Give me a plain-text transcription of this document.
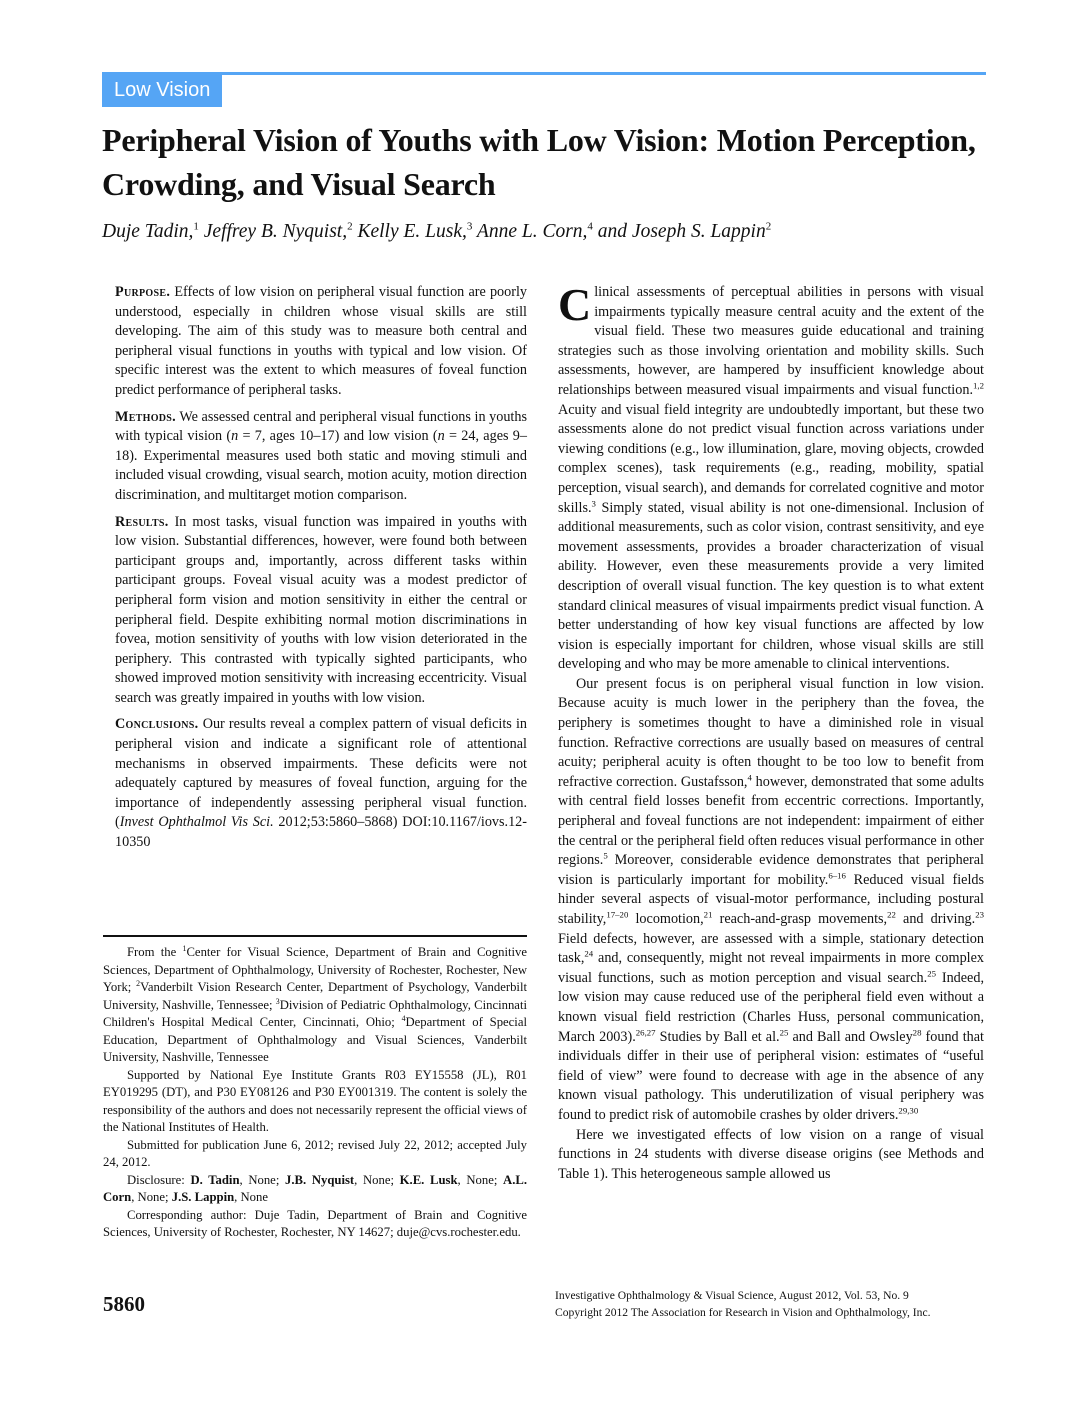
Low Vision
Peripheral Vision of Youths with Low Vision: Motion Perception, Crowding, and Visual Search
Duje Tadin,$^1$ Jeffrey B. Nyquist,$^2$ Kelly E. Lusk,$^3$ Anne L. Corn,$^4$ and Joseph S. Lappin$^2$

Purpose. Effects of low vision on peripheral visual function are poorly understood, especially in children whose visual skills are still developing. The aim of this study was to measure both central and peripheral visual functions in youths with typical and low vision. Of specific interest was the extent to which measures of foveal function predict performance of peripheral tasks.

Methods. We assessed central and peripheral visual functions in youths with typical vision (n = 7, ages 10–17) and low vision (n = 24, ages 9–18). Experimental measures used both static and moving stimuli and included visual crowding, visual search, motion acuity, motion direction discrimination, and multitarget motion comparison.

Results. In most tasks, visual function was impaired in youths with low vision. Substantial differences, however, were found both between participant groups and, importantly, across different tasks within participant groups. Foveal visual acuity was a modest predictor of peripheral form vision and motion sensitivity in either the central or peripheral field. Despite exhibiting normal motion discriminations in fovea, motion sensitivity of youths with low vision deteriorated in the periphery. This contrasted with typically sighted participants, who showed improved motion sensitivity with increasing eccentricity. Visual search was greatly impaired in youths with low vision.

Conclusions. Our results reveal a complex pattern of visual deficits in peripheral vision and indicate a significant role of attentional mechanisms in observed impairments. These deficits were not adequately captured by measures of foveal function, arguing for the importance of independently assessing peripheral visual function. (Invest Ophthalmol Vis Sci. 2012;53:5860–5868) DOI:10.1167/iovs.12-10350

From the $^1$Center for Visual Science, Department of Brain and Cognitive Sciences, Department of Ophthalmology, University of Rochester, Rochester, New York; $^2$Vanderbilt Vision Research Center, Department of Psychology, Vanderbilt University, Nashville, Tennessee; $^3$Division of Pediatric Ophthalmology, Cincinnati Children's Hospital Medical Center, Cincinnati, Ohio; $^4$Department of Special Education, Department of Ophthalmology and Visual Sciences, Vanderbilt University, Nashville, Tennessee

Supported by National Eye Institute Grants R03 EY15558 (JL), R01 EY019295 (DT), and P30 EY08126 and P30 EY001319. The content is solely the responsibility of the authors and does not necessarily represent the official views of the National Institutes of Health.

Submitted for publication June 6, 2012; revised July 22, 2012; accepted July 24, 2012.

Disclosure: D. Tadin, None; J.B. Nyquist, None; K.E. Lusk, None; A.L. Corn, None; J.S. Lappin, None

Corresponding author: Duje Tadin, Department of Brain and Cognitive Sciences, University of Rochester, Rochester, NY 14627; duje@cvs.rochester.edu.

Clinical assessments of perceptual abilities in persons with visual impairments typically measure central acuity and the extent of the visual field. These two measures guide educational and training strategies such as those involving orientation and mobility skills. Such assessments, however, are hampered by insufficient knowledge about relationships between measured visual impairments and visual function.$^{1,2}$ Acuity and visual field integrity are undoubtedly important, but these two assessments alone do not predict visual function across variations under viewing conditions (e.g., low illumination, glare, moving objects, crowded complex scenes), task requirements (e.g., reading, mobility, spatial perception, visual search), and demands for correlated cognitive and motor skills.$^3$ Simply stated, visual ability is not one-dimensional. Inclusion of additional measurements, such as color vision, contrast sensitivity, and eye movement assessments, provides a broader characterization of visual ability. However, even these measurements provide a very limited description of overall visual function. The key question is to what extent standard clinical measures of visual impairments predict visual function. A better understanding of how key visual functions are affected by low vision is especially important for children, whose visual skills are still developing and who may be more amenable to clinical interventions.

Our present focus is on peripheral visual function in low vision. Because acuity is much lower in the periphery than the fovea, the periphery is sometimes thought to have a diminished role in visual function. Refractive corrections are usually based on measures of central acuity; peripheral acuity is often thought to be too low to benefit from refractive correction. Gustafsson,$^4$ however, demonstrated that some adults with central field losses benefit from eccentric corrections. Importantly, peripheral and foveal functions are not independent: impairment of either the central or the peripheral field often reduces visual performance in other regions.$^5$ Moreover, considerable evidence demonstrates that peripheral vision is particularly important for mobility.$^{6-16}$ Reduced visual fields hinder several aspects of visual-motor performance, including postural stability,$^{17-20}$ locomotion,$^{21}$ reach-and-grasp movements,$^{22}$ and driving.$^{23}$ Field defects, however, are assessed with a simple, stationary detection task,$^{24}$ and, consequently, might not reveal impairments in more complex visual functions, such as motion perception and visual search.$^{25}$ Indeed, low vision may cause reduced use of the peripheral field even without a known visual field restriction (Charles Huss, personal communication, March 2003).$^{26,27}$ Studies by Ball et al.$^{25}$ and Ball and Owsley$^{28}$ found that individuals differ in their use of peripheral vision: estimates of “useful field of view” were found to decrease with age in the absence of any known visual pathology. This underutilization of visual periphery was found to predict risk of automobile crashes by older drivers.$^{29,30}$

Here we investigated effects of low vision on a range of visual functions in 24 students with diverse disease origins (see Methods and Table 1). This heterogeneous sample allowed us

5860	Investigative Ophthalmology & Visual Science, August 2012, Vol. 53, No. 9
Copyright 2012 The Association for Research in Vision and Ophthalmology, Inc.
